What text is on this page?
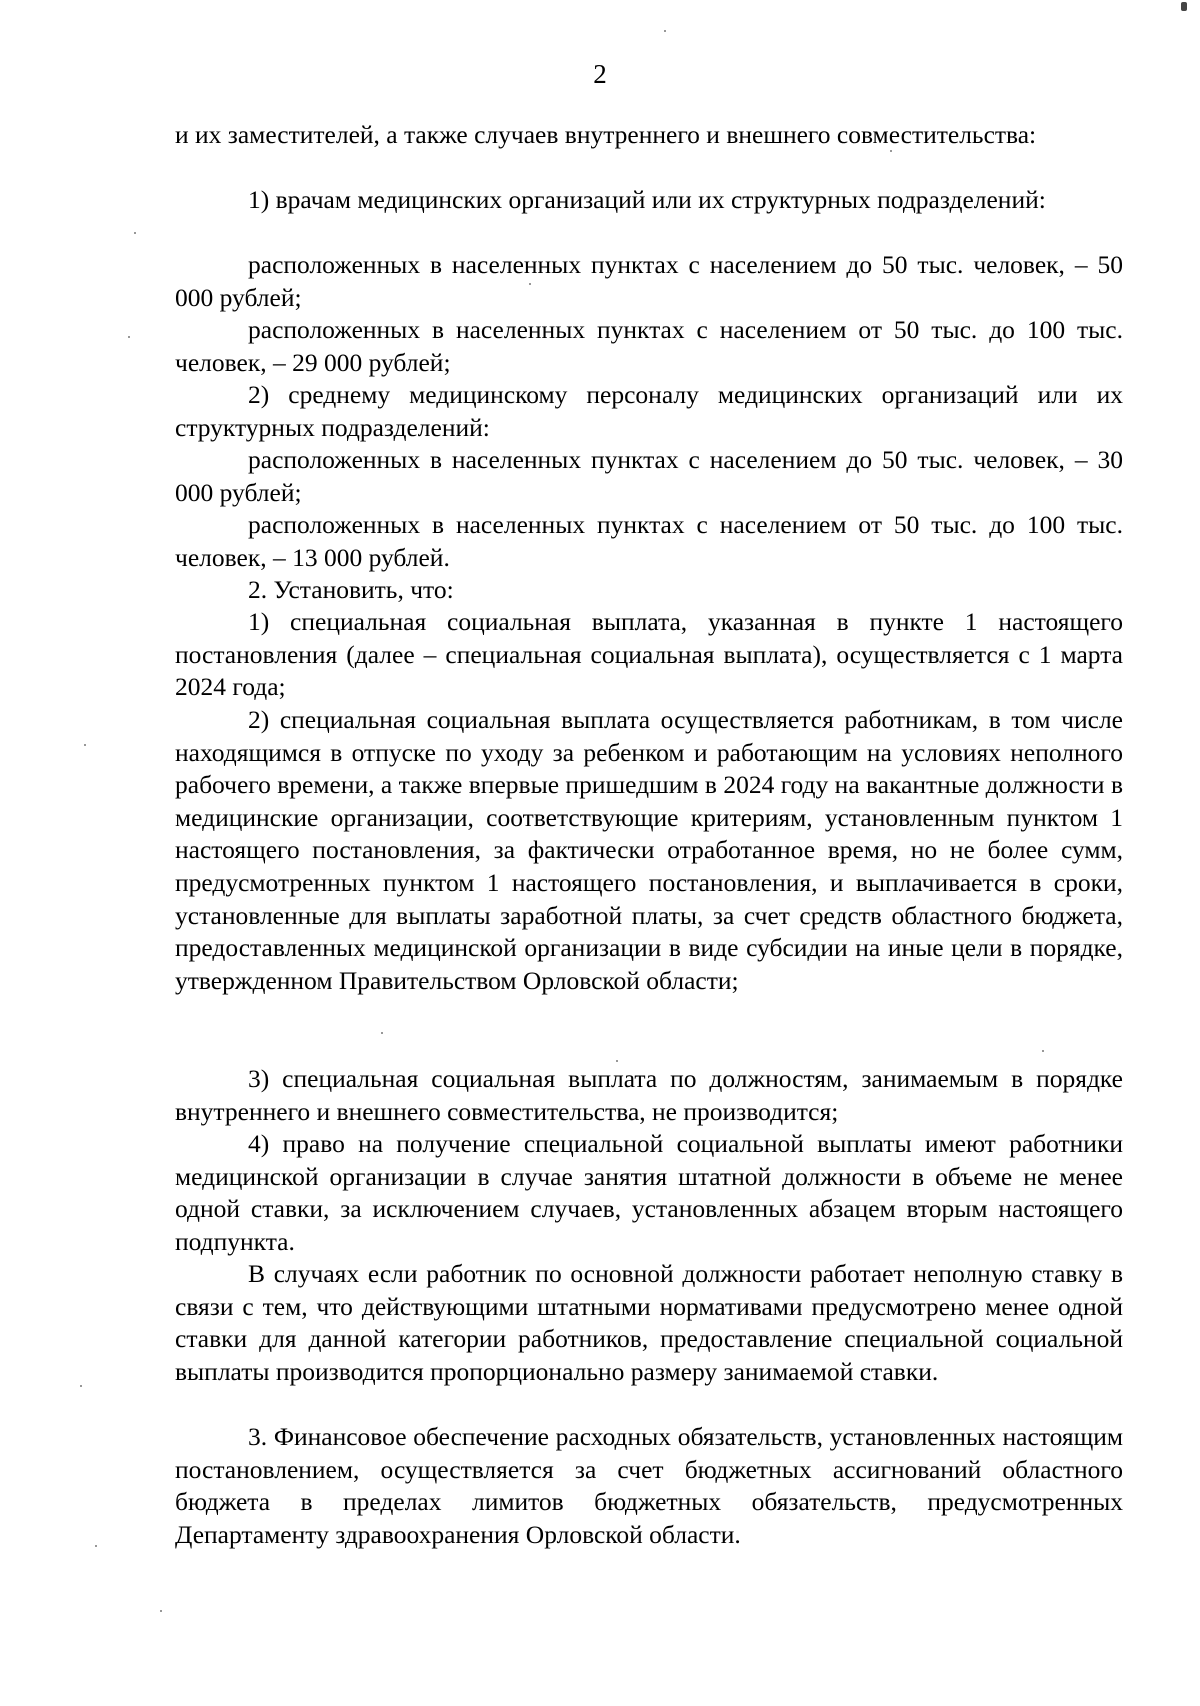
2
и их заместителей, а также случаев внутреннего и внешнего совместительства:
1) врачам медицинских организаций или их структурных подразделений:
расположенных в населенных пунктах с населением до 50 тыс. человек, – 50 000 рублей;
расположенных в населенных пунктах с населением от 50 тыс. до 100 тыс. человек, – 29 000 рублей;
2) среднему медицинскому персоналу медицинских организаций или их структурных подразделений:
расположенных в населенных пунктах с населением до 50 тыс. человек, – 30 000 рублей;
расположенных в населенных пунктах с населением от 50 тыс. до 100 тыс. человек, – 13 000 рублей.
2. Установить, что:
1) специальная социальная выплата, указанная в пункте 1 настоящего постановления (далее – специальная социальная выплата), осуществляется с 1 марта 2024 года;
2) специальная социальная выплата осуществляется работникам, в том числе находящимся в отпуске по уходу за ребенком и работающим на условиях неполного рабочего времени, а также впервые пришедшим в 2024 году на вакантные должности в медицинские организации, соответствующие критериям, установленным пунктом 1 настоящего постановления, за фактически отработанное время, но не более сумм, предусмотренных пунктом 1 настоящего постановления, и выплачивается в сроки, установленные для выплаты заработной платы, за счет средств областного бюджета, предоставленных медицинской организации в виде субсидии на иные цели в порядке, утвержденном Правительством Орловской области;
3) специальная социальная выплата по должностям, занимаемым в порядке внутреннего и внешнего совместительства, не производится;
4) право на получение специальной социальной выплаты имеют работники медицинской организации в случае занятия штатной должности в объеме не менее одной ставки, за исключением случаев, установленных абзацем вторым настоящего подпункта.
В случаях если работник по основной должности работает неполную ставку в связи с тем, что действующими штатными нормативами предусмотрено менее одной ставки для данной категории работников, предоставление специальной социальной выплаты производится пропорционально размеру занимаемой ставки.
3. Финансовое обеспечение расходных обязательств, установленных настоящим постановлением, осуществляется за счет бюджетных ассигнований областного бюджета в пределах лимитов бюджетных обязательств, предусмотренных Департаменту здравоохранения Орловской области.
